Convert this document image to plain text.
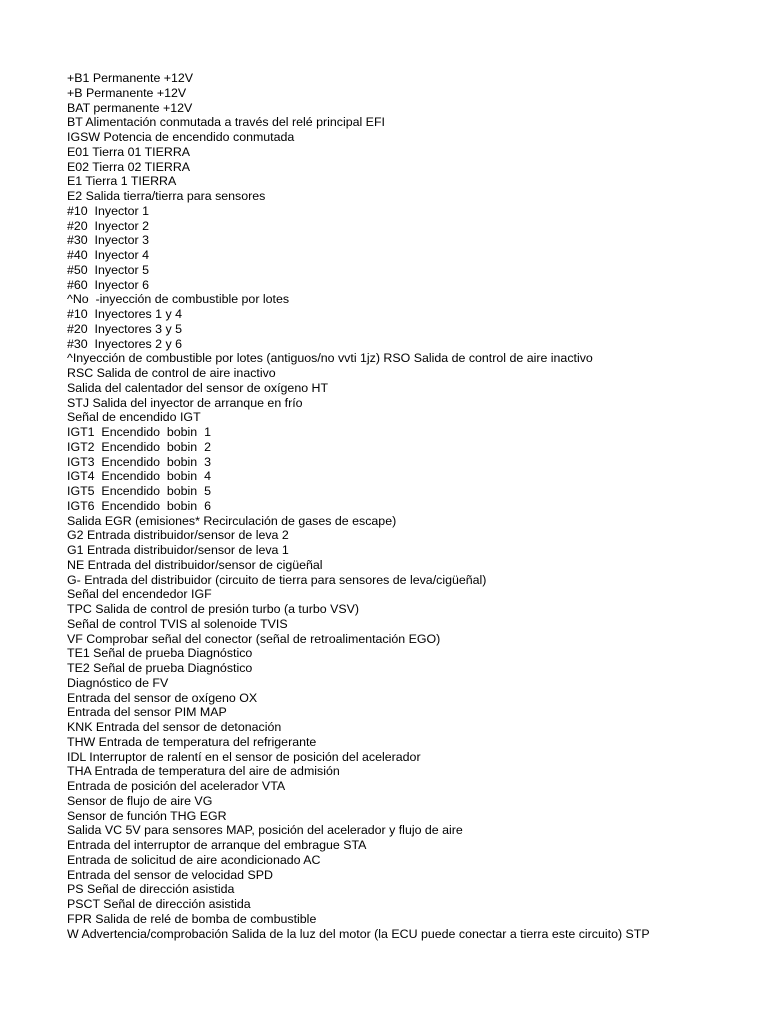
+B1 Permanente +12V

+B Permanente +12V

BAT permanente +12V

BT Alimentación conmutada a través del relé principal EFI

IGSW Potencia de encendido conmutada

E01 Tierra 01 TIERRA

E02 Tierra 02 TIERRA

E1 Tierra 1 TIERRA

E2 Salida tierra/tierra para sensores

#10  Inyector 1

#20  Inyector 2

#30  Inyector 3

#40  Inyector 4

#50  Inyector 5

#60  Inyector 6

^No  -inyección de combustible por lotes

#10  Inyectores 1 y 4

#20  Inyectores 3 y 5

#30  Inyectores 2 y 6

^Inyección de combustible por lotes (antiguos/no vvti 1jz) RSO Salida de control de aire inactivo

RSC Salida de control de aire inactivo

Salida del calentador del sensor de oxígeno HT

STJ Salida del inyector de arranque en frío

Señal de encendido IGT

IGT1  Encendido  bobin  1

IGT2  Encendido  bobin  2

IGT3  Encendido  bobin  3

IGT4  Encendido  bobin  4

IGT5  Encendido  bobin  5

IGT6  Encendido  bobin  6

Salida EGR (emisiones* Recirculación de gases de escape)

G2 Entrada distribuidor/sensor de leva 2

G1 Entrada distribuidor/sensor de leva 1

NE Entrada del distribuidor/sensor de cigüeñal

G- Entrada del distribuidor (circuito de tierra para sensores de leva/cigüeñal)

Señal del encendedor IGF

TPC Salida de control de presión turbo (a turbo VSV)

Señal de control TVIS al solenoide TVIS

VF Comprobar señal del conector (señal de retroalimentación EGO)

TE1 Señal de prueba Diagnóstico

TE2 Señal de prueba Diagnóstico

Diagnóstico de FV

Entrada del sensor de oxígeno OX

Entrada del sensor PIM MAP

KNK Entrada del sensor de detonación

THW Entrada de temperatura del refrigerante

IDL Interruptor de ralentí en el sensor de posición del acelerador

THA Entrada de temperatura del aire de admisión

Entrada de posición del acelerador VTA

Sensor de flujo de aire VG

Sensor de función THG EGR

Salida VC 5V para sensores MAP, posición del acelerador y flujo de aire

Entrada del interruptor de arranque del embrague STA

Entrada de solicitud de aire acondicionado AC

Entrada del sensor de velocidad SPD

PS Señal de dirección asistida

PSCT Señal de dirección asistida

FPR Salida de relé de bomba de combustible

W Advertencia/comprobación Salida de la luz del motor (la ECU puede conectar a tierra este circuito) STP
